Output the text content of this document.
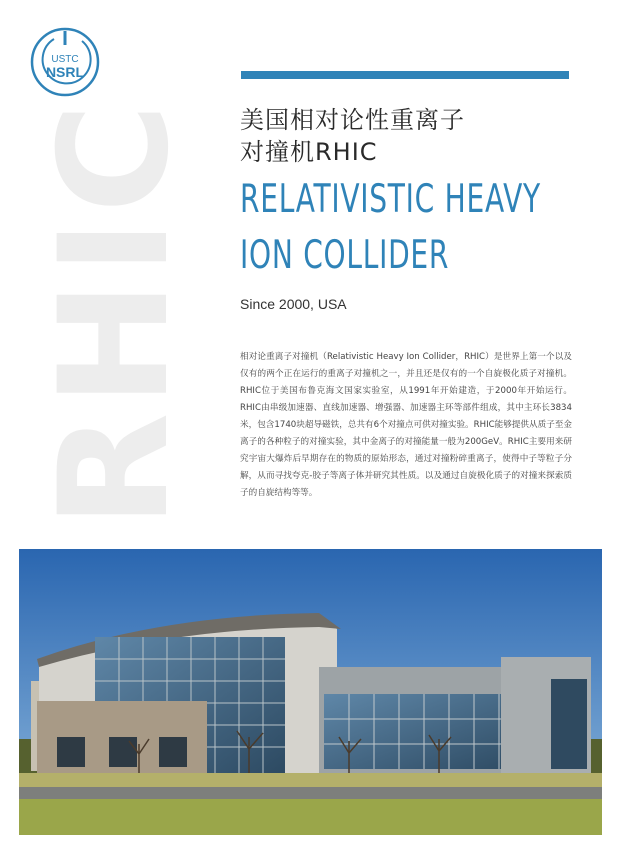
USTC
NSRL
RHIC 美国相对论性重离子
对撞机RHIC
RELATIVISTIC HEAVY
ION COLLIDER
Since 2000, USA
相对论重离子对撞机（Relativistic Heavy Ion Collider，RHIC）是世界上第一个以及仅有的两个正在运行的重离子对撞机之一，并且还是仅有的一个自旋极化质子对撞机。RHIC位于美国布鲁克海文国家实验室，从1991年开始建造，于2000年开始运行。RHIC由串级加速器、直线加速器、增强器、加速器主环等部件组成，其中主环长3834米，包含1740块超导磁铁，总共有6个对撞点可供对撞实验。RHIC能够提供从质子至金离子的各种粒子的对撞实验，其中金离子的对撞能量一般为200GeV。RHIC主要用来研究宇宙大爆炸后早期存在的物质的原始形态，通过对撞粉碎重离子，使得中子等粒子分解，从而寻找夸克-胶子等离子体并研究其性质。以及通过自旋极化质子的对撞来探索质子的自旋结构等等。
